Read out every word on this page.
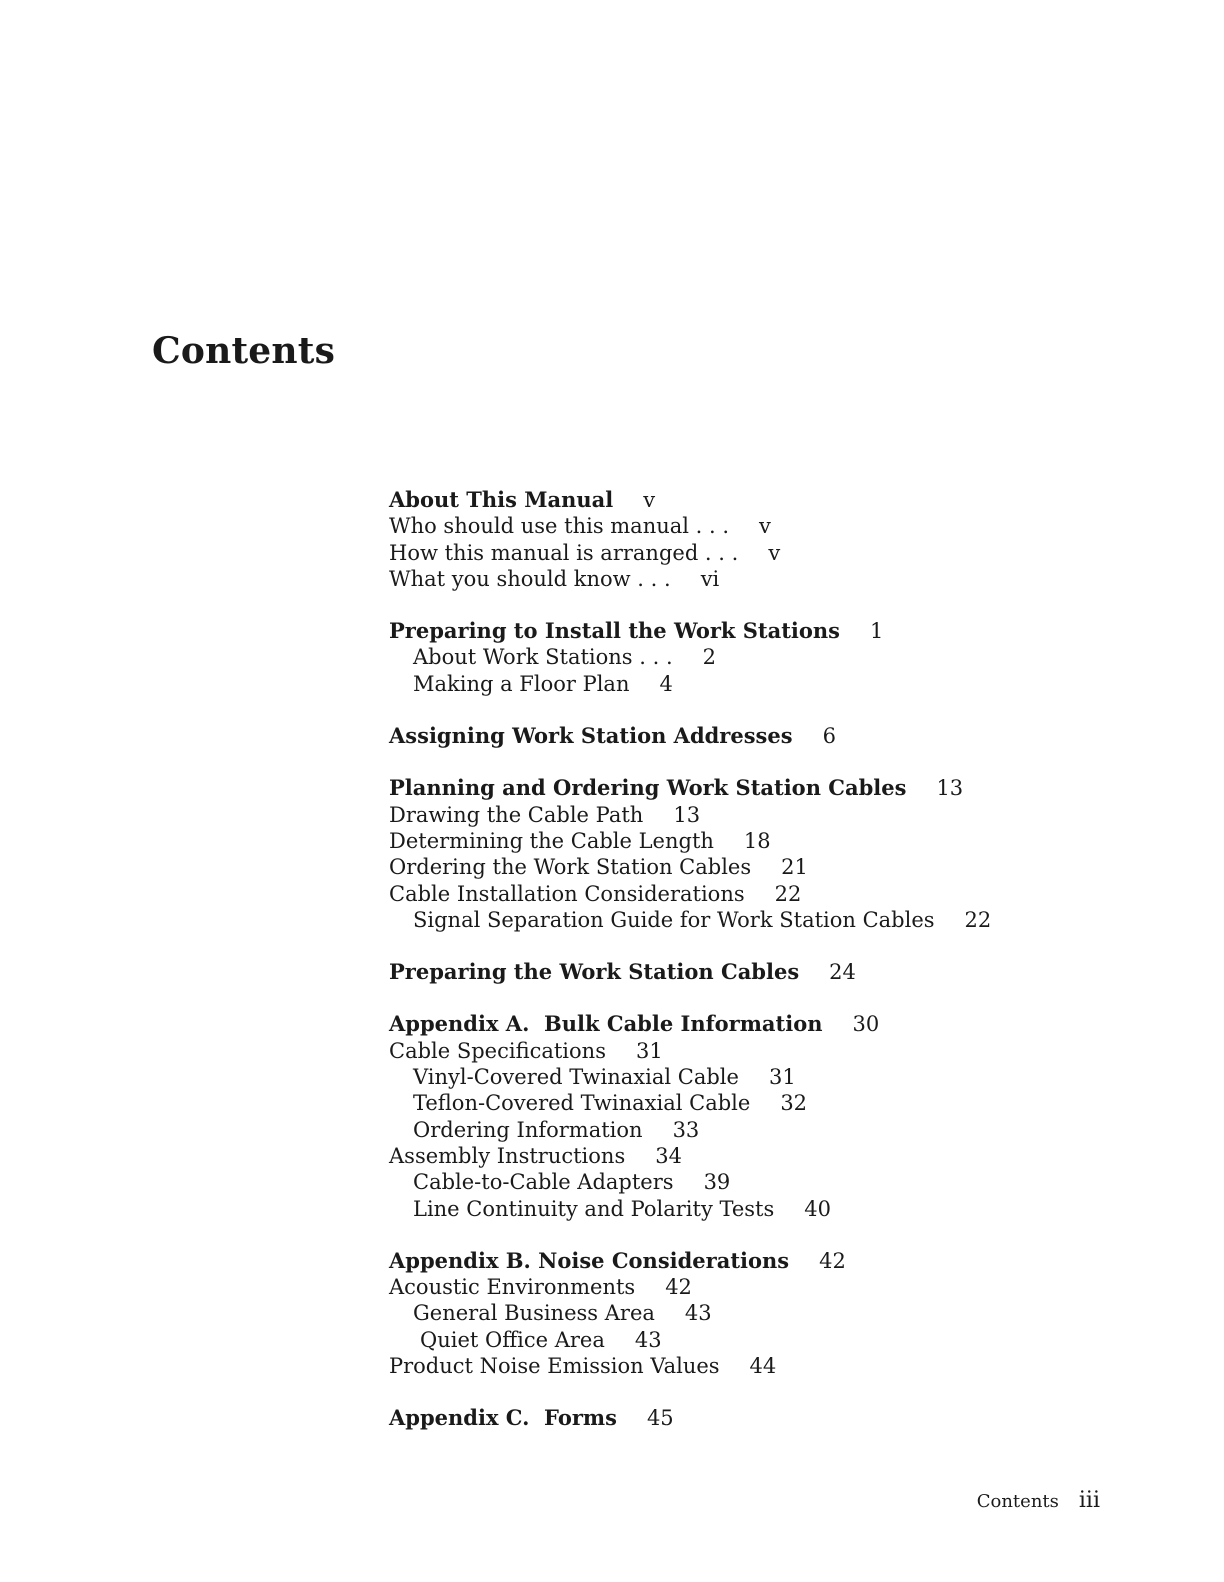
Contents
About This Manual v
Who should use this manual . . . v
How this manual is arranged . . . v
What you should know . . . vi
Preparing to Install the Work Stations 1
About Work Stations . . . 2
Making a Floor Plan 4
Assigning Work Station Addresses 6
Planning and Ordering Work Station Cables 13
Drawing the Cable Path 13
Determining the Cable Length 18
Ordering the Work Station Cables 21
Cable Installation Considerations 22
Signal Separation Guide for Work Station Cables 22
Preparing the Work Station Cables 24
Appendix A.  Bulk Cable Information 30
Cable Specifications 31
Vinyl-Covered Twinaxial Cable 31
Teflon-Covered Twinaxial Cable 32
Ordering Information 33
Assembly Instructions 34
Cable-to-Cable Adapters 39
Line Continuity and Polarity Tests 40
Appendix B. Noise Considerations 42
Acoustic Environments 42
General Business Area 43
Quiet Office Area 43
Product Noise Emission Values 44
Appendix C.  Forms 45
Contents iii
